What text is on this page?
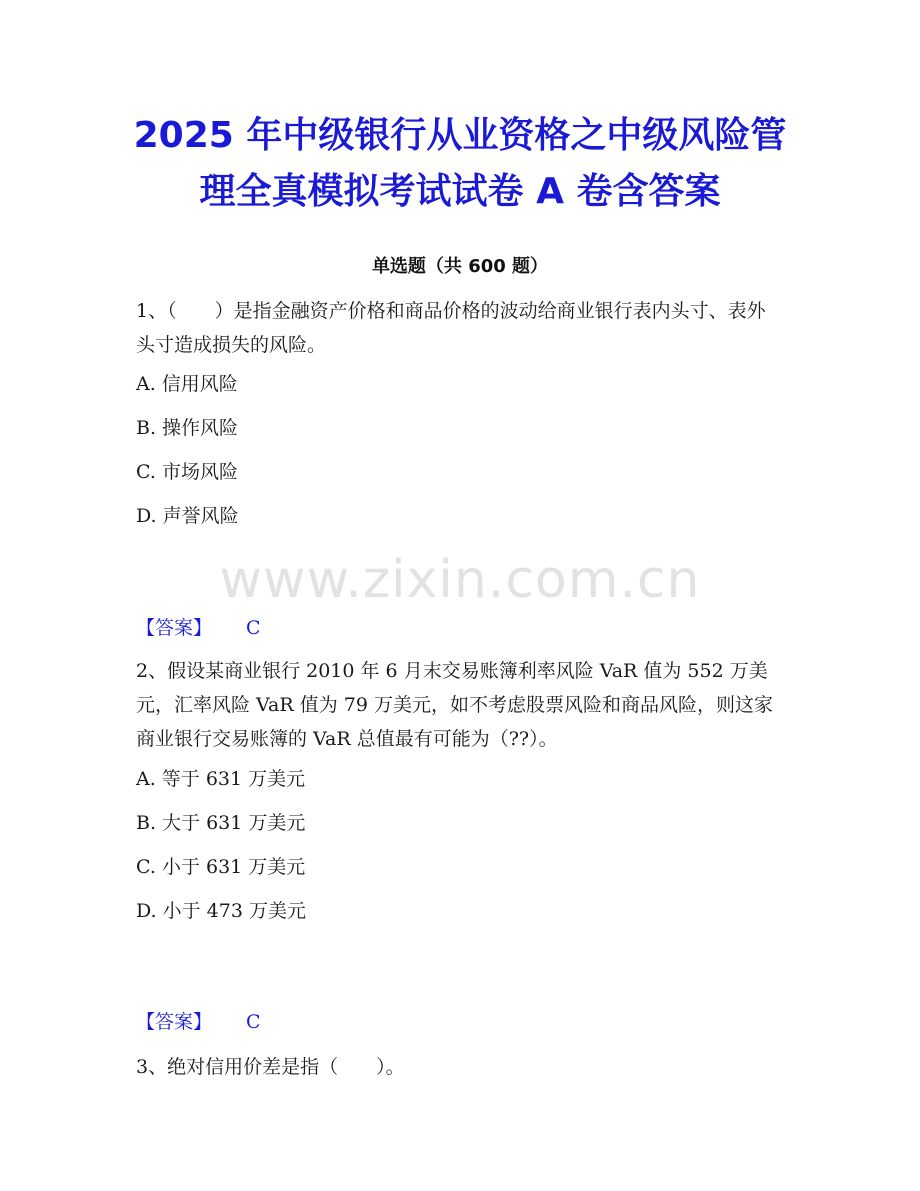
2025 年中级银行从业资格之中级风险管
理全真模拟考试试卷 A 卷含答案
单选题（共 600 题）
1、（　　）是指金融资产价格和商品价格的波动给商业银行表内头寸、表外头寸造成损失的风险。
A. 信用风险
B. 操作风险
C. 市场风险
D. 声誉风险
www.zixin.com.cn
【答案】 C
2、假设某商业银行 2010 年 6 月末交易账簿利率风险 VaR 值为 552 万美元，汇率风险 VaR 值为 79 万美元，如不考虑股票风险和商品风险，则这家商业银行交易账簿的 VaR 总值最有可能为（??）。
A. 等于 631 万美元
B. 大于 631 万美元
C. 小于 631 万美元
D. 小于 473 万美元
【答案】 C
3、绝对信用价差是指（　　）。
